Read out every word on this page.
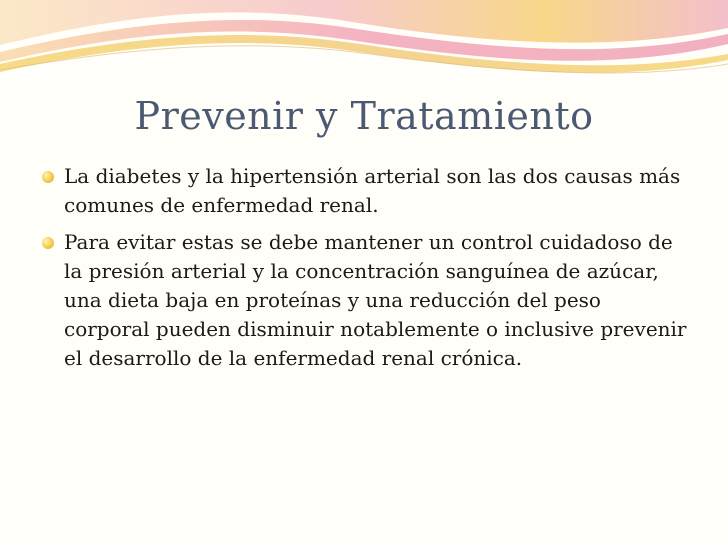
Prevenir y Tratamiento
La diabetes y la hipertensión arterial son las dos causas más comunes de enfermedad renal.
Para evitar estas se debe mantener un control cuidadoso de la presión arterial y la concentración sanguínea de azúcar, una dieta baja en proteínas y una reducción del peso corporal pueden disminuir notablemente o inclusive prevenir el desarrollo de la enfermedad renal crónica.
